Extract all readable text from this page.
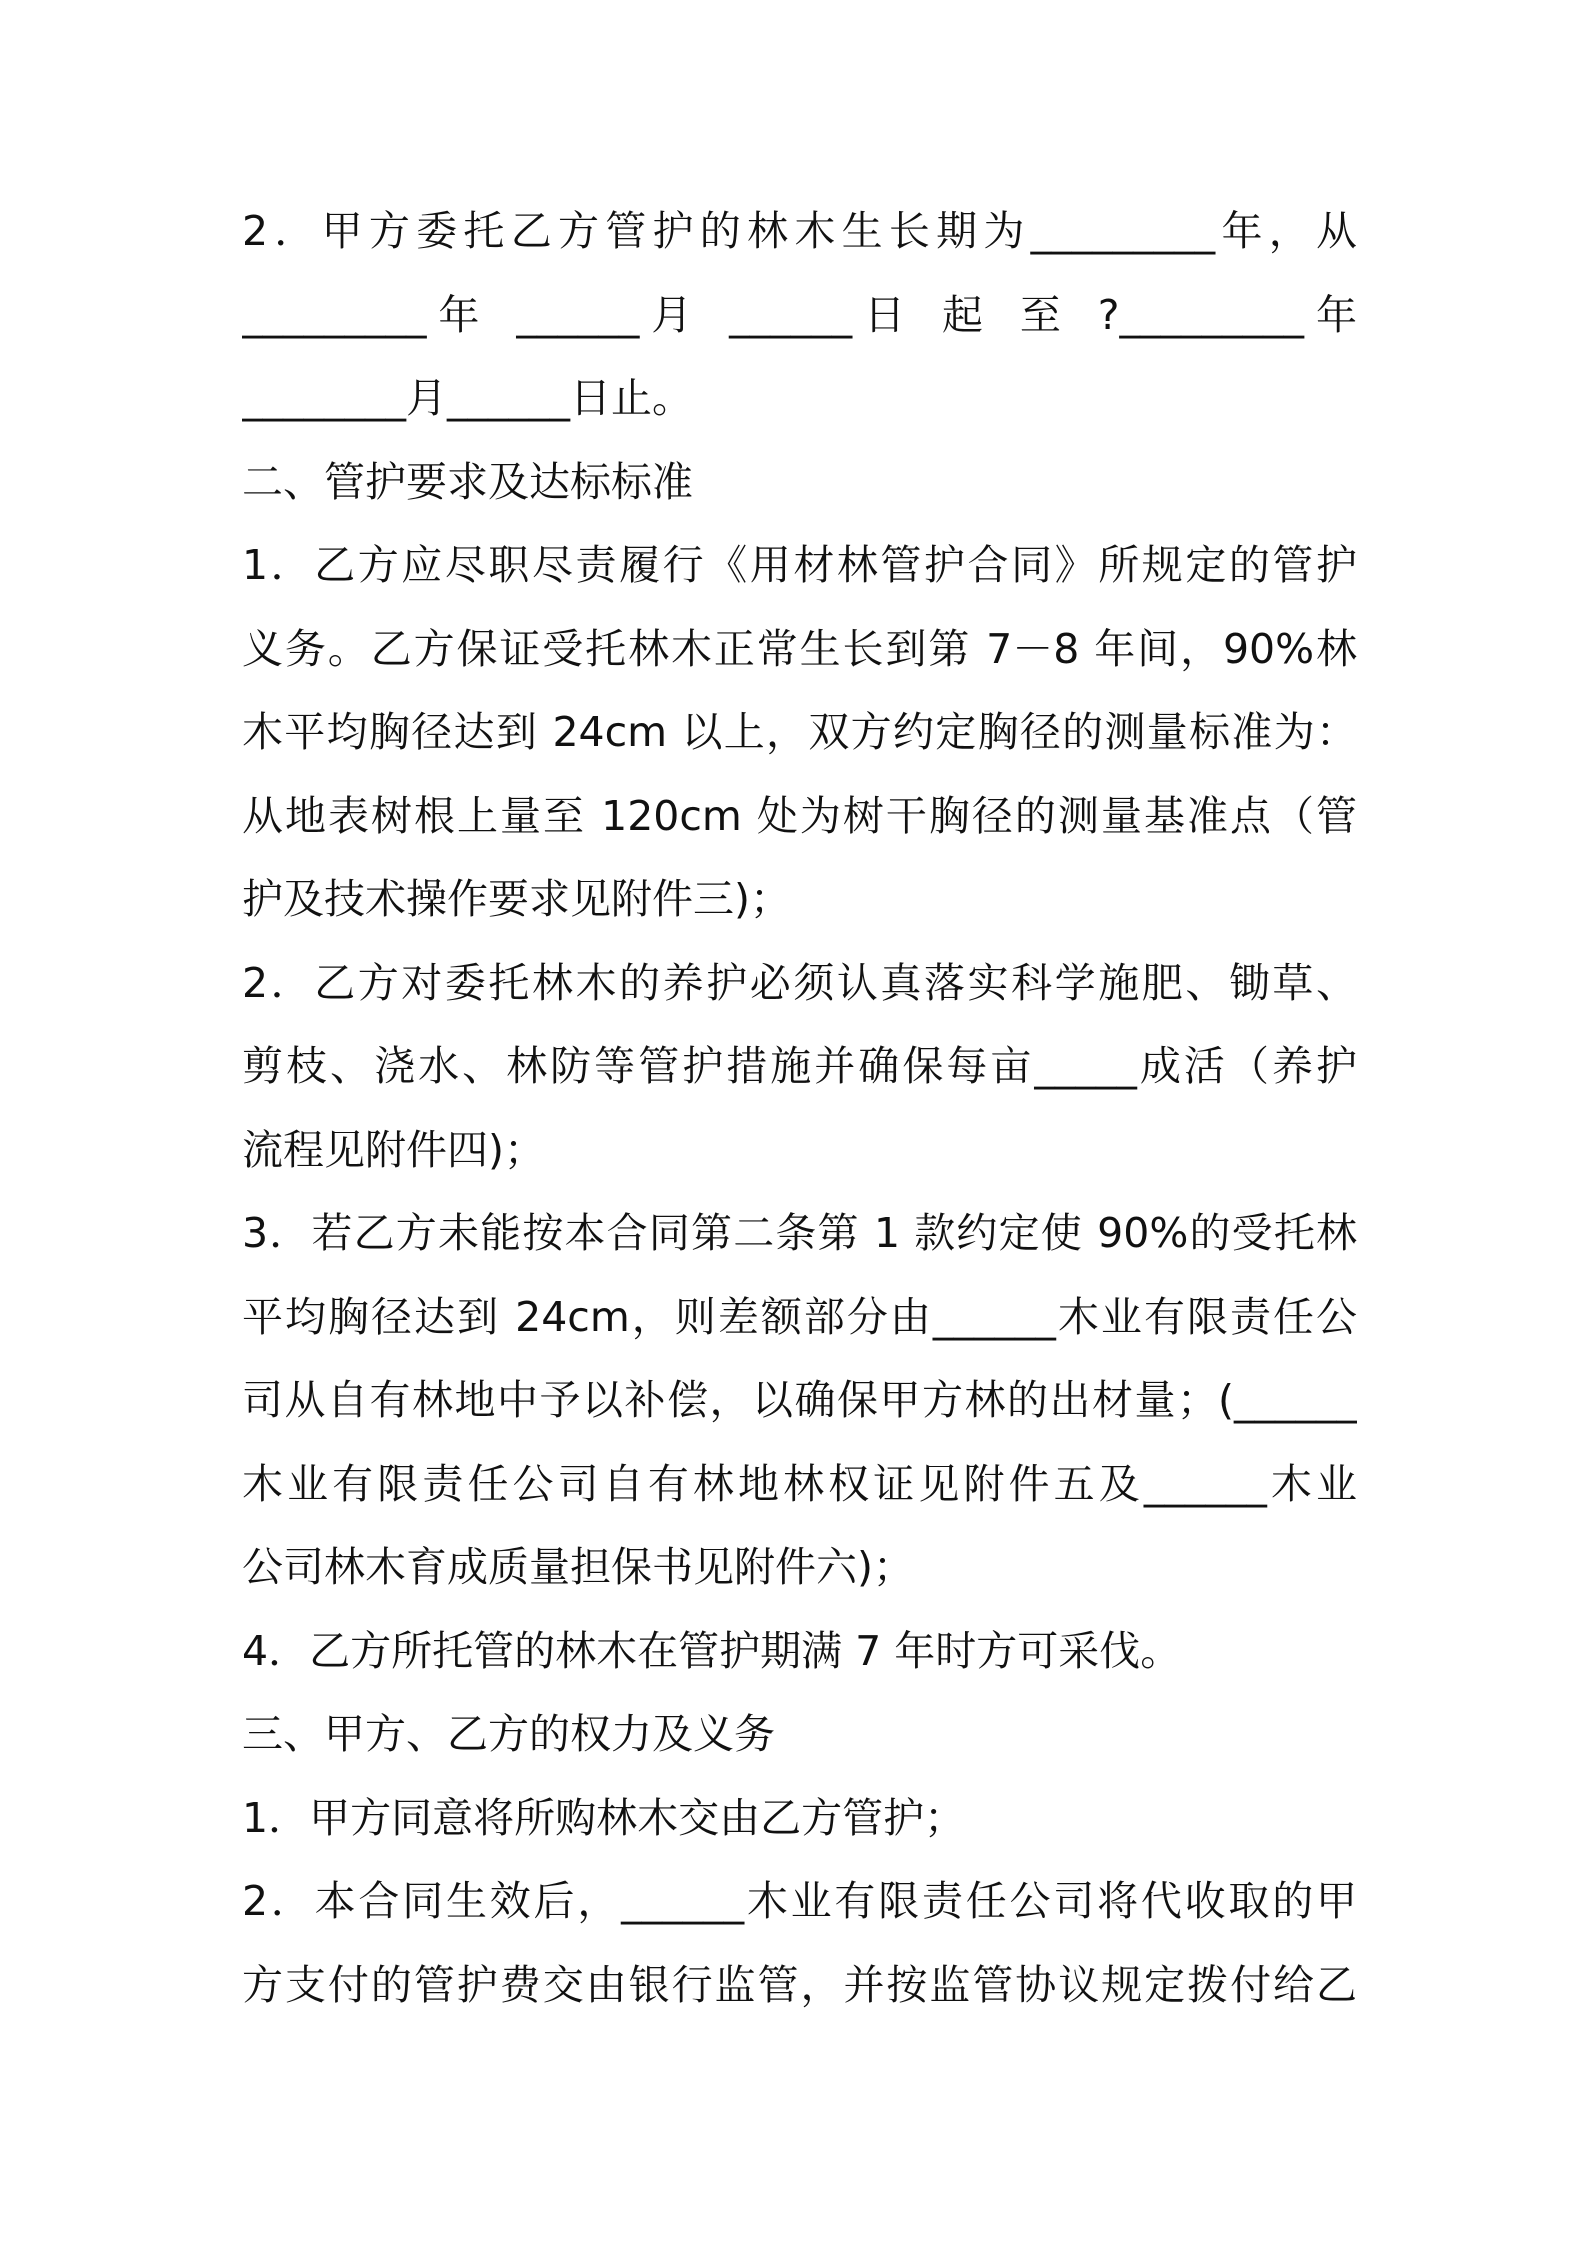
2．甲方委托乙方管护的林木生长期为_________年，从
_________年 ______月 ______日 起 至 ?_________年
________月______日止。
二、管护要求及达标标准
1．乙方应尽职尽责履行《用材林管护合同》所规定的管护
义务。乙方保证受托林木正常生长到第 7－8 年间，90%林
木平均胸径达到 24cm 以上，双方约定胸径的测量标准为：
从地表树根上量至 120cm 处为树干胸径的测量基准点（管
护及技术操作要求见附件三)；
2．乙方对委托林木的养护必须认真落实科学施肥、锄草、
剪枝、浇水、林防等管护措施并确保每亩_____成活（养护
流程见附件四)；
3．若乙方未能按本合同第二条第 1 款约定使 90%的受托林
平均胸径达到 24cm，则差额部分由______木业有限责任公
司从自有林地中予以补偿，以确保甲方林的出材量；(______
木业有限责任公司自有林地林权证见附件五及______木业
公司林木育成质量担保书见附件六)；
4．乙方所托管的林木在管护期满 7 年时方可采伐。
三、甲方、乙方的权力及义务
1．甲方同意将所购林木交由乙方管护；
2．本合同生效后，______木业有限责任公司将代收取的甲
方支付的管护费交由银行监管，并按监管协议规定拨付给乙
